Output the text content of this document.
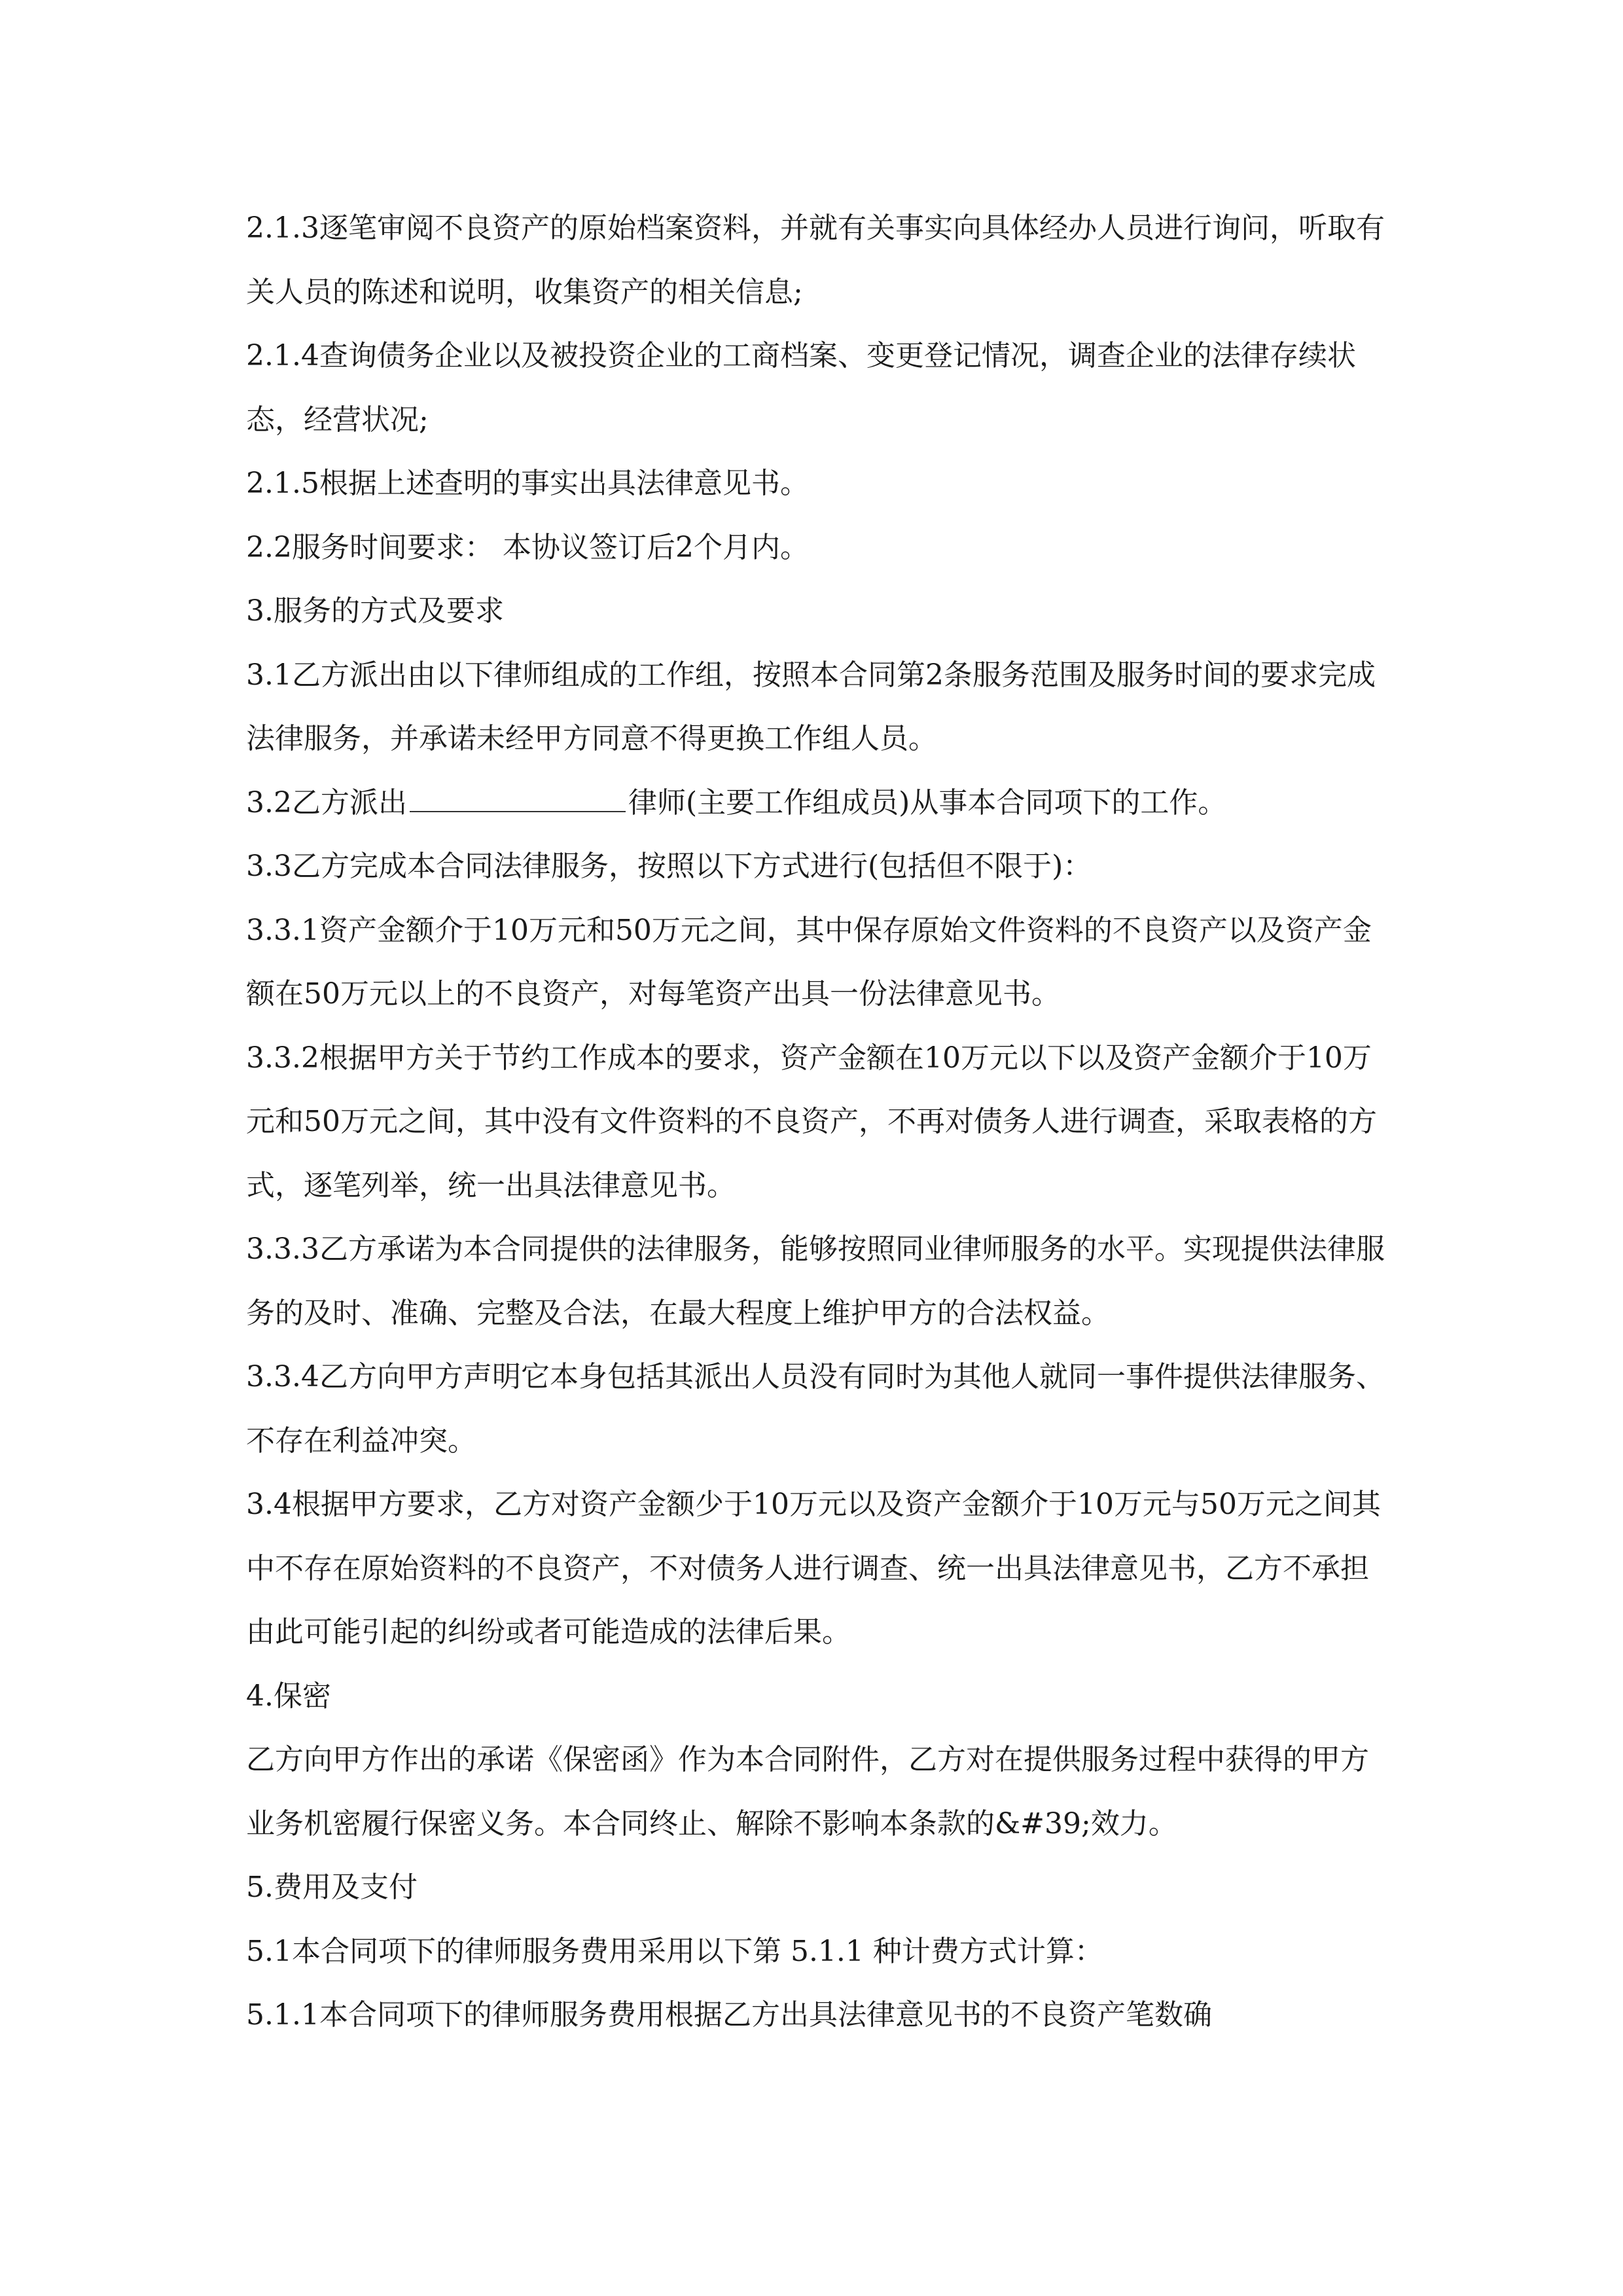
2.1.3逐笔审阅不良资产的原始档案资料，并就有关事实向具体经办人员进行询问，听取有关人员的陈述和说明，收集资产的相关信息;

2.1.4查询债务企业以及被投资企业的工商档案、变更登记情况，调查企业的法律存续状态，经营状况;

2.1.5根据上述查明的事实出具法律意见书。

2.2服务时间要求： 本协议签订后2个月内。

3.服务的方式及要求

3.1乙方派出由以下律师组成的工作组，按照本合同第2条服务范围及服务时间的要求完成法律服务，并承诺未经甲方同意不得更换工作组人员。

3.2乙方派出	律师(主要工作组成员)从事本合同项下的工作。

3.3乙方完成本合同法律服务，按照以下方式进行(包括但不限于)：

3.3.1资产金额介于10万元和50万元之间，其中保存原始文件资料的不良资产以及资产金额在50万元以上的不良资产，对每笔资产出具一份法律意见书。

3.3.2根据甲方关于节约工作成本的要求，资产金额在10万元以下以及资产金额介于10万元和50万元之间，其中没有文件资料的不良资产，不再对债务人进行调查，采取表格的方式，逐笔列举，统一出具法律意见书。

3.3.3乙方承诺为本合同提供的法律服务，能够按照同业律师服务的水平。实现提供法律服务的及时、准确、完整及合法，在最大程度上维护甲方的合法权益。

3.3.4乙方向甲方声明它本身包括其派出人员没有同时为其他人就同一事件提供法律服务、不存在利益冲突。

3.4根据甲方要求，乙方对资产金额少于10万元以及资产金额介于10万元与50万元之间其中不存在原始资料的不良资产，不对债务人进行调查、统一出具法律意见书，乙方不承担由此可能引起的纠纷或者可能造成的法律后果。

4.保密

乙方向甲方作出的承诺《保密函》作为本合同附件，乙方对在提供服务过程中获得的甲方业务机密履行保密义务。本合同终止、解除不影响本条款的&#39;效力。

5.费用及支付

5.1本合同项下的律师服务费用采用以下第 5.1.1 种计费方式计算：

5.1.1本合同项下的律师服务费用根据乙方出具法律意见书的不良资产笔数确
